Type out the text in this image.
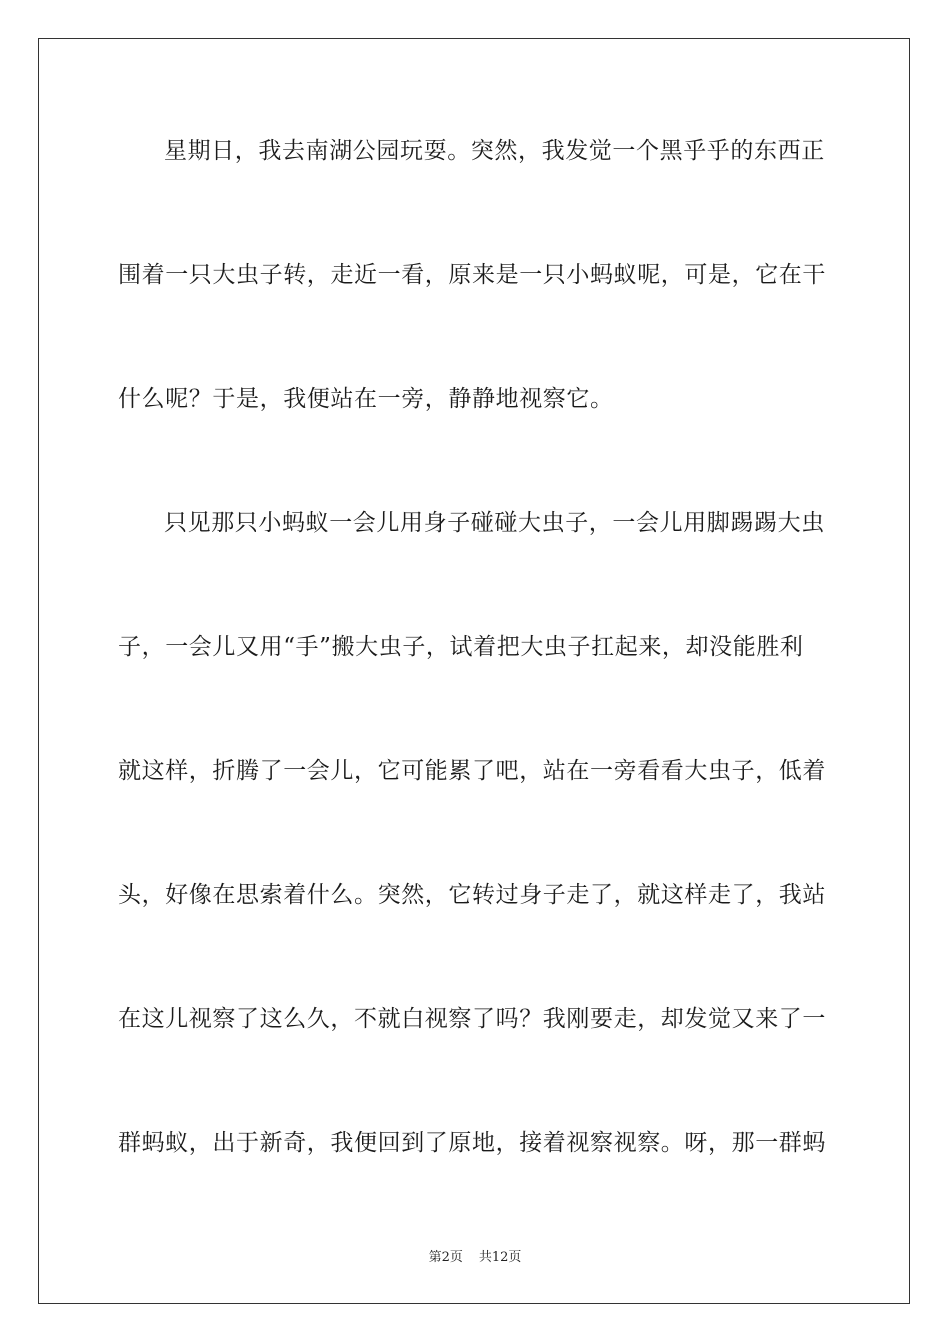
星期日，我去南湖公园玩耍。突然，我发觉一个黑乎乎的东西正
围着一只大虫子转，走近一看，原来是一只小蚂蚁呢，可是，它在干
什么呢？于是，我便站在一旁，静静地视察它。
只见那只小蚂蚁一会儿用身子碰碰大虫子，一会儿用脚踢踢大虫
子，一会儿又用“手”搬大虫子，试着把大虫子扛起来，却没能胜利
就这样，折腾了一会儿，它可能累了吧，站在一旁看看大虫子，低着
头，好像在思索着什么。突然，它转过身子走了，就这样走了，我站
在这儿视察了这么久，不就白视察了吗？我刚要走，却发觉又来了一
群蚂蚁，出于新奇，我便回到了原地，接着视察视察。呀，那一群蚂
第2页 共12页
